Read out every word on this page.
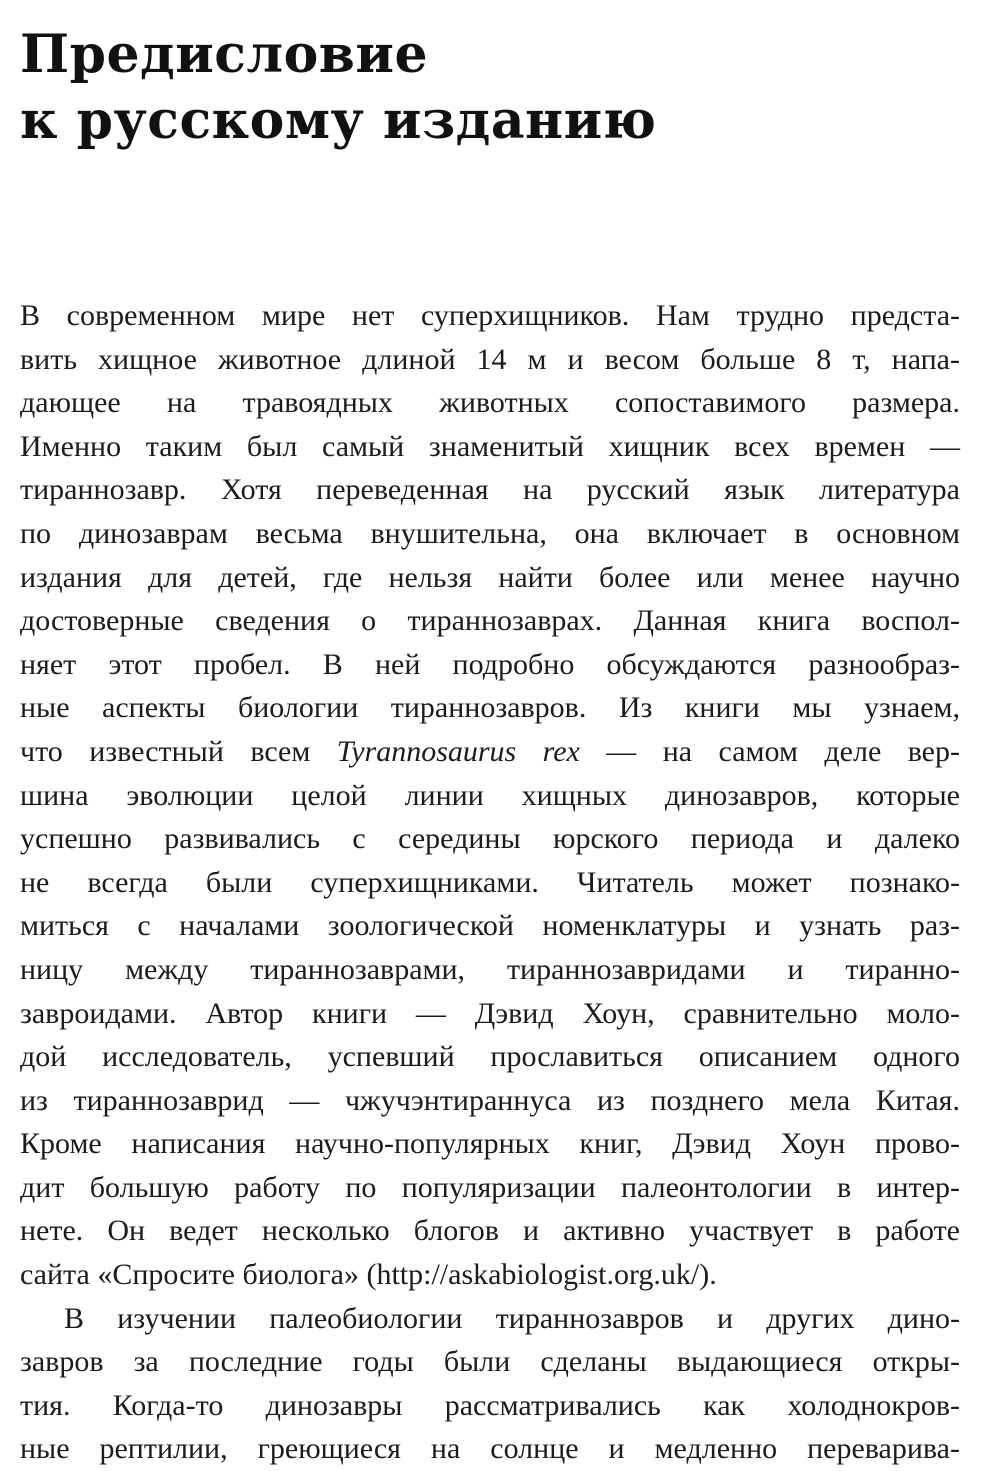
Предисловие
к русскому изданию

В современном мире нет суперхищников. Нам трудно предста-
вить хищное животное длиной 14 м и весом больше 8 т, напа-
дающее на травоядных животных сопоставимого размера.
Именно таким был самый знаменитый хищник всех времен —
тираннозавр. Хотя переведенная на русский язык литература
по динозаврам весьма внушительна, она включает в основном
издания для детей, где нельзя найти более или менее научно
достоверные сведения о тираннозаврах. Данная книга воспол-
няет этот пробел. В ней подробно обсуждаются разнообраз-
ные аспекты биологии тираннозавров. Из книги мы узнаем,
что известный всем Tyrannosaurus rex — на самом деле вер-
шина эволюции целой линии хищных динозавров, которые
успешно развивались с середины юрского периода и далеко
не всегда были суперхищниками. Читатель может познако-
миться с началами зоологической номенклатуры и узнать раз-
ницу между тираннозаврами, тираннозавридами и тиранно-
завроидами. Автор книги — Дэвид Хоун, сравнительно моло-
дой исследователь, успевший прославиться описанием одного
из тираннозаврид — чжучэнтираннуса из позднего мела Китая.
Кроме написания научно-популярных книг, Дэвид Хоун прово-
дит большую работу по популяризации палеонтологии в интер-
нете. Он ведет несколько блогов и активно участвует в работе
сайта «Спросите биолога» (http://askabiologist.org.uk/).

В изучении палеобиологии тираннозавров и других дино-
завров за последние годы были сделаны выдающиеся откры-
тия. Когда-то динозавры рассматривались как холоднокров-
ные рептилии, греющиеся на солнце и медленно переварива-
